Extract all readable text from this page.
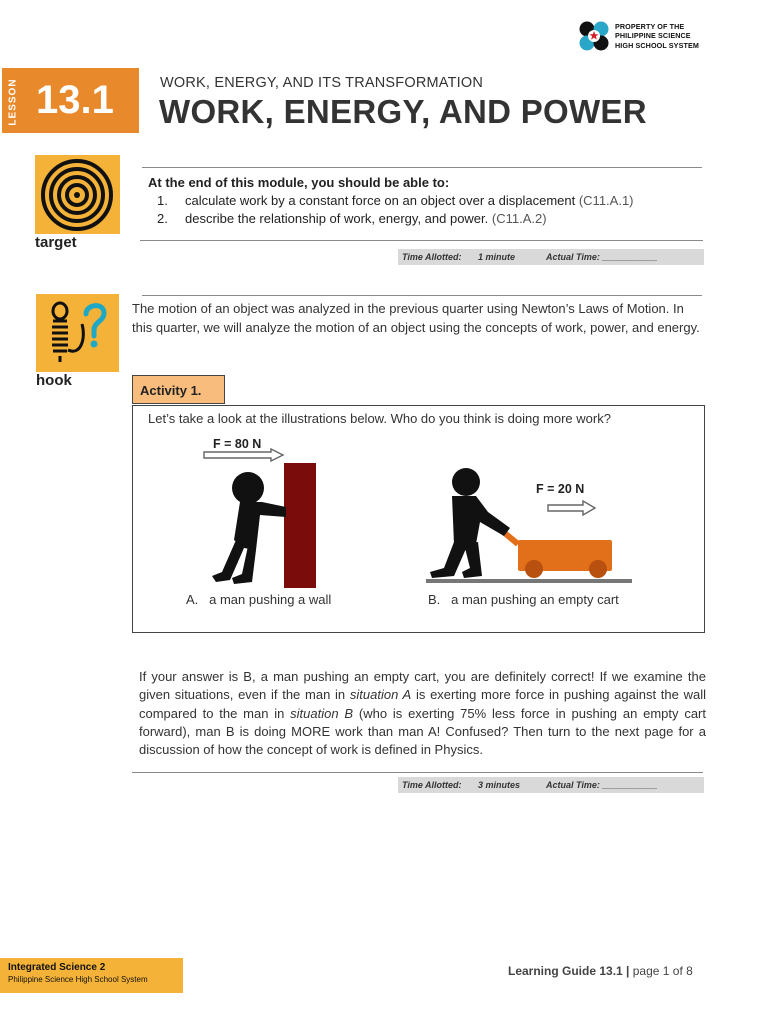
PROPERTY OF THE
PHILIPPINE SCIENCE
HIGH SCHOOL SYSTEM
LESSON 13.1	WORK, ENERGY, AND ITS TRANSFORMATION
WORK, ENERGY, AND POWER
target
At the end of this module, you should be able to:
1. calculate work by a constant force on an object over a displacement (C11.A.1)
2. describe the relationship of work, energy, and power. (C11.A.2)
Time Allotted: 1 minute	Actual Time: ___________
hook
The motion of an object was analyzed in the previous quarter using Newton’s Laws of Motion. In this quarter, we will analyze the motion of an object using the concepts of work, power, and energy.
Activity 1.
Let’s take a look at the illustrations below. Who do you think is doing more work?
F = 80 N
A. a man pushing a wall
F = 20 N
B. a man pushing an empty cart
If your answer is B, a man pushing an empty cart, you are definitely correct! If we examine the given situations, even if the man in situation A is exerting more force in pushing against the wall compared to the man in situation B (who is exerting 75% less force in pushing an empty cart forward), man B is doing MORE work than man A! Confused? Then turn to the next page for a discussion of how the concept of work is defined in Physics.
Time Allotted: 3 minutes	Actual Time: ___________
Integrated Science 2
Philippine Science High School System
Learning Guide 13.1 | page 1 of 8
